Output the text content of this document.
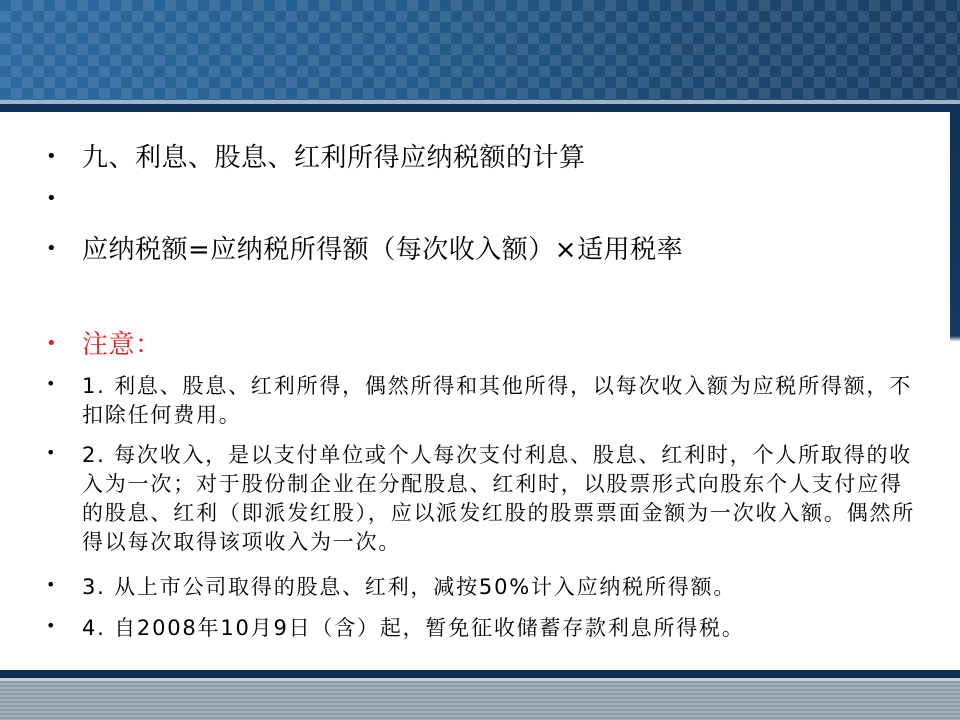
• 九、利息、股息、红利所得应纳税额的计算
•
• 应纳税额=应纳税所得额（每次收入额）×适用税率
• 注意：
• 1. 利息、股息、红利所得，偶然所得和其他所得，以每次收入额为应税所得额，不扣除任何费用。
• 2. 每次收入，是以支付单位或个人每次支付利息、股息、红利时，个人所取得的收入为一次；对于股份制企业在分配股息、红利时，以股票形式向股东个人支付应得的股息、红利（即派发红股），应以派发红股的股票票面金额为一次收入额。偶然所得以每次取得该项收入为一次。
• 3. 从上市公司取得的股息、红利，减按50%计入应纳税所得额。
• 4. 自2008年10月9日（含）起，暂免征收储蓄存款利息所得税。
